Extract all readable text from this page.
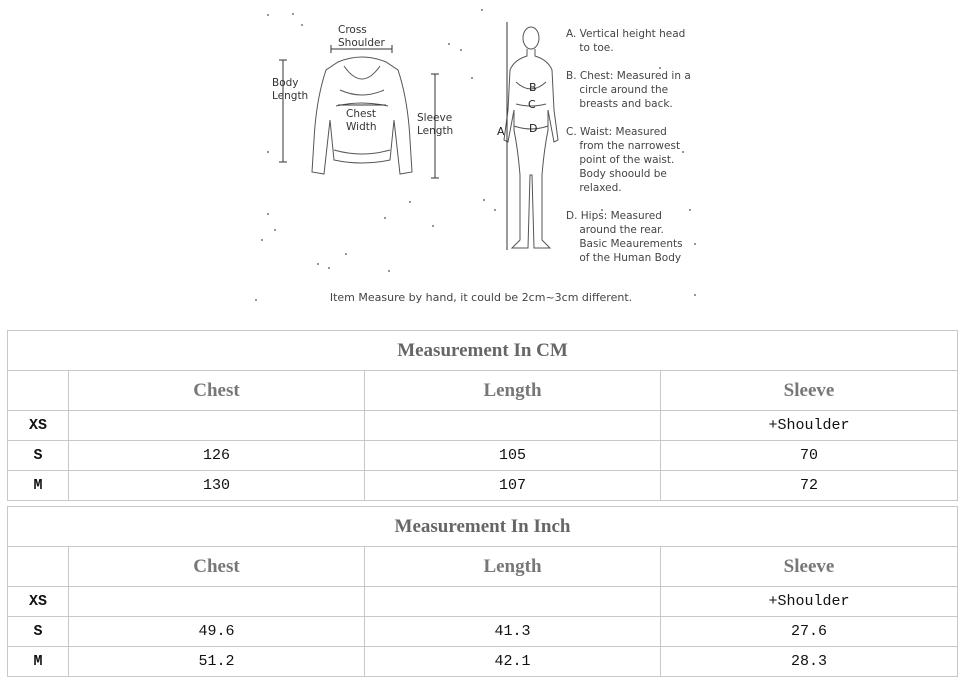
A
B
C
D
Cross
Shoulder
Body
Length
Chest
Width
Sleeve
Length
A. Vertical height head
to toe.
B. Chest: Measured in a
circle around the
breasts and back.
C. Waist: Measured
from the narrowest
point of the waist.
Body shoould be
relaxed.
D. Hips: Measured
around the rear.
Basic Meaurements
of the Human Body
Item Measure by hand, it could be 2cm~3cm different.
Measurement In CM			
	Chest	Length	Sleeve
XS			+Shoulder
S	126	105	70
M	130	107	72
Measurement In Inch			
	Chest	Length	Sleeve
XS			+Shoulder
S	49.6	41.3	27.6
M	51.2	42.1	28.3
